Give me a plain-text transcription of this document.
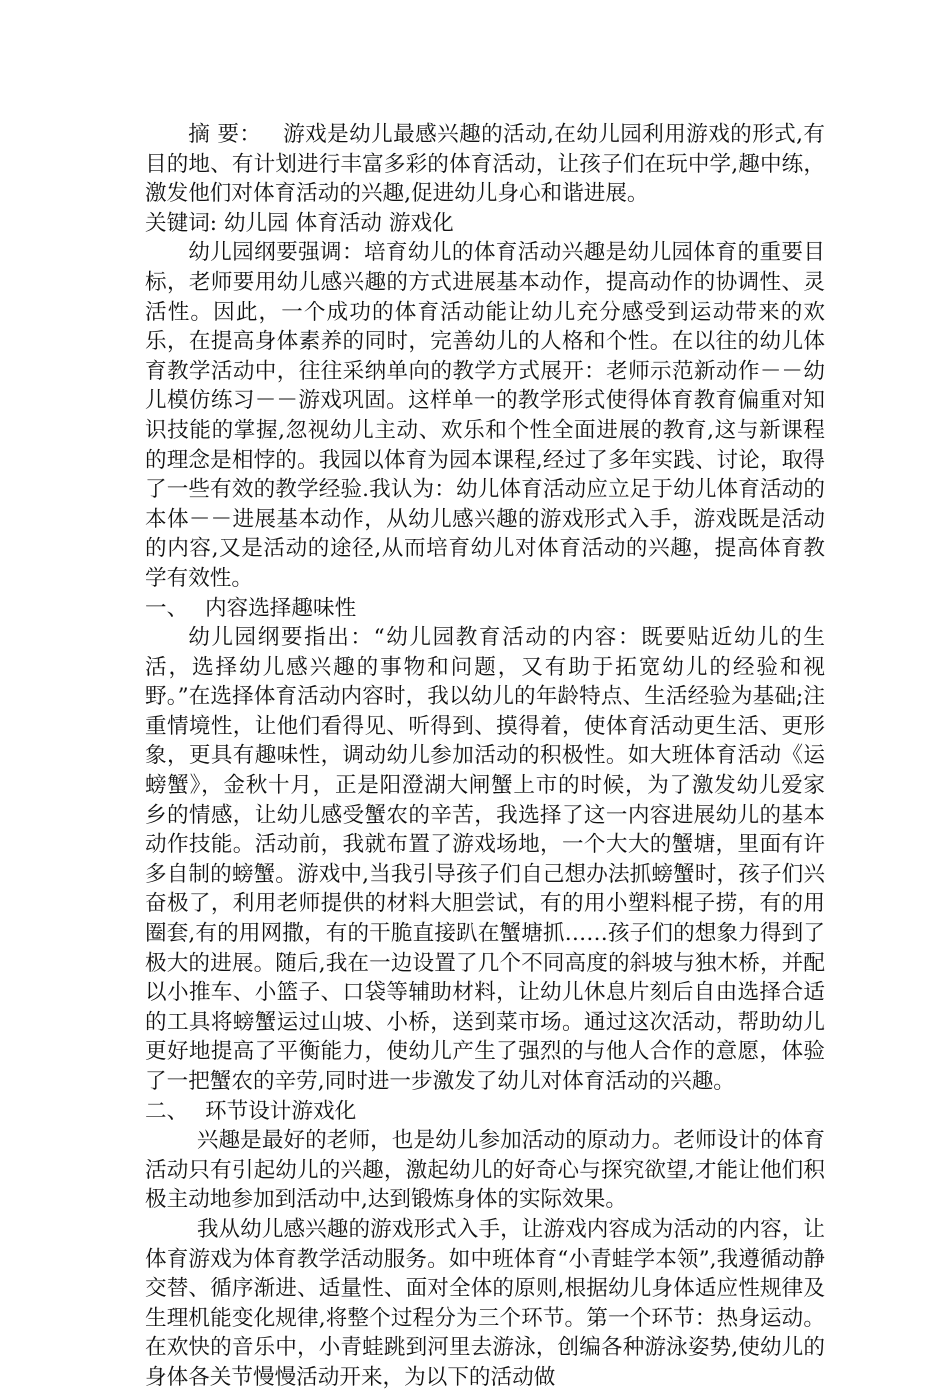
摘 要： 游戏是幼儿最感兴趣的活动,在幼儿园利用游戏的形式,有目的地、有计划进行丰富多彩的体育活动，让孩子们在玩中学,趣中练，激发他们对体育活动的兴趣,促进幼儿身心和谐进展。

关键词: 幼儿园 体育活动 游戏化

幼儿园纲要强调：培育幼儿的体育活动兴趣是幼儿园体育的重要目标，老师要用幼儿感兴趣的方式进展基本动作，提高动作的协调性、灵活性。因此，一个成功的体育活动能让幼儿充分感受到运动带来的欢乐，在提高身体素养的同时，完善幼儿的人格和个性。在以往的幼儿体育教学活动中，往往采纳单向的教学方式展开：老师示范新动作－－幼儿模仿练习－－游戏巩固。这样单一的教学形式使得体育教育偏重对知识技能的掌握,忽视幼儿主动、欢乐和个性全面进展的教育,这与新课程的理念是相悖的。我园以体育为园本课程,经过了多年实践、讨论，取得了一些有效的教学经验.我认为：幼儿体育活动应立足于幼儿体育活动的本体－－进展基本动作，从幼儿感兴趣的游戏形式入手，游戏既是活动的内容,又是活动的途径,从而培育幼儿对体育活动的兴趣，提高体育教学有效性。

一、 内容选择趣味性

幼儿园纲要指出：“幼儿园教育活动的内容：既要贴近幼儿的生活，选择幼儿感兴趣的事物和问题，又有助于拓宽幼儿的经验和视野。”在选择体育活动内容时，我以幼儿的年龄特点、生活经验为基础;注重情境性，让他们看得见、听得到、摸得着，使体育活动更生活、更形象，更具有趣味性，调动幼儿参加活动的积极性。如大班体育活动《运螃蟹》，金秋十月，正是阳澄湖大闸蟹上市的时候，为了激发幼儿爱家乡的情感，让幼儿感受蟹农的辛苦，我选择了这一内容进展幼儿的基本动作技能。活动前，我就布置了游戏场地，一个大大的蟹塘，里面有许多自制的螃蟹。游戏中,当我引导孩子们自己想办法抓螃蟹时，孩子们兴奋极了，利用老师提供的材料大胆尝试，有的用小塑料棍子捞，有的用圈套,有的用网撒，有的干脆直接趴在蟹塘抓……孩子们的想象力得到了极大的进展。随后,我在一边设置了几个不同高度的斜坡与独木桥，并配以小推车、小篮子、口袋等辅助材料，让幼儿休息片刻后自由选择合适的工具将螃蟹运过山坡、小桥，送到菜市场。通过这次活动，帮助幼儿更好地提高了平衡能力，使幼儿产生了强烈的与他人合作的意愿，体验了一把蟹农的辛劳,同时进一步激发了幼儿对体育活动的兴趣。

二、 环节设计游戏化

兴趣是最好的老师，也是幼儿参加活动的原动力。老师设计的体育活动只有引起幼儿的兴趣，激起幼儿的好奇心与探究欲望,才能让他们积极主动地参加到活动中,达到锻炼身体的实际效果。

我从幼儿感兴趣的游戏形式入手，让游戏内容成为活动的内容，让体育游戏为体育教学活动服务。如中班体育“小青蛙学本领”,我遵循动静交替、循序渐进、适量性、面对全体的原则,根据幼儿身体适应性规律及生理机能变化规律,将整个过程分为三个环节。第一个环节：热身运动。在欢快的音乐中，小青蛙跳到河里去游泳，创编各种游泳姿势,使幼儿的身体各关节慢慢活动开来，为以下的活动做
